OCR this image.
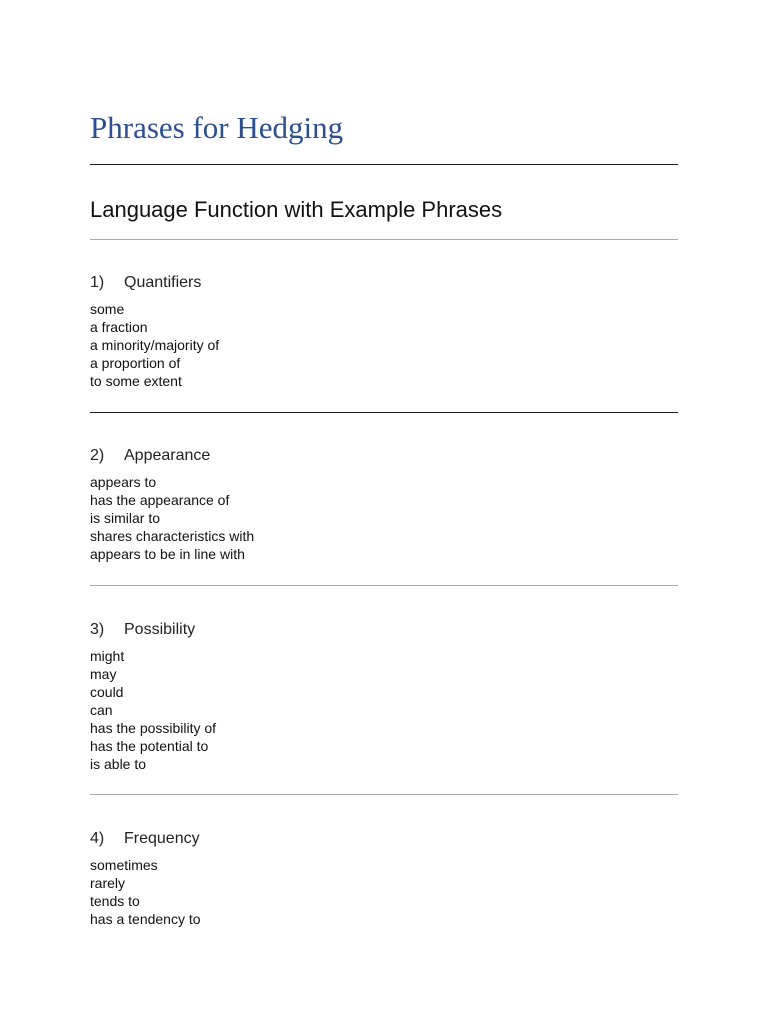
Phrases for Hedging
Language Function with Example Phrases
1) Quantifiers
some
a fraction
a minority/majority of
a proportion of
to some extent
2) Appearance
appears to
has the appearance of
is similar to
shares characteristics with
appears to be in line with
3) Possibility
might
may
could
can
has the possibility of
has the potential to
is able to
4) Frequency
sometimes
rarely
tends to
has a tendency to
